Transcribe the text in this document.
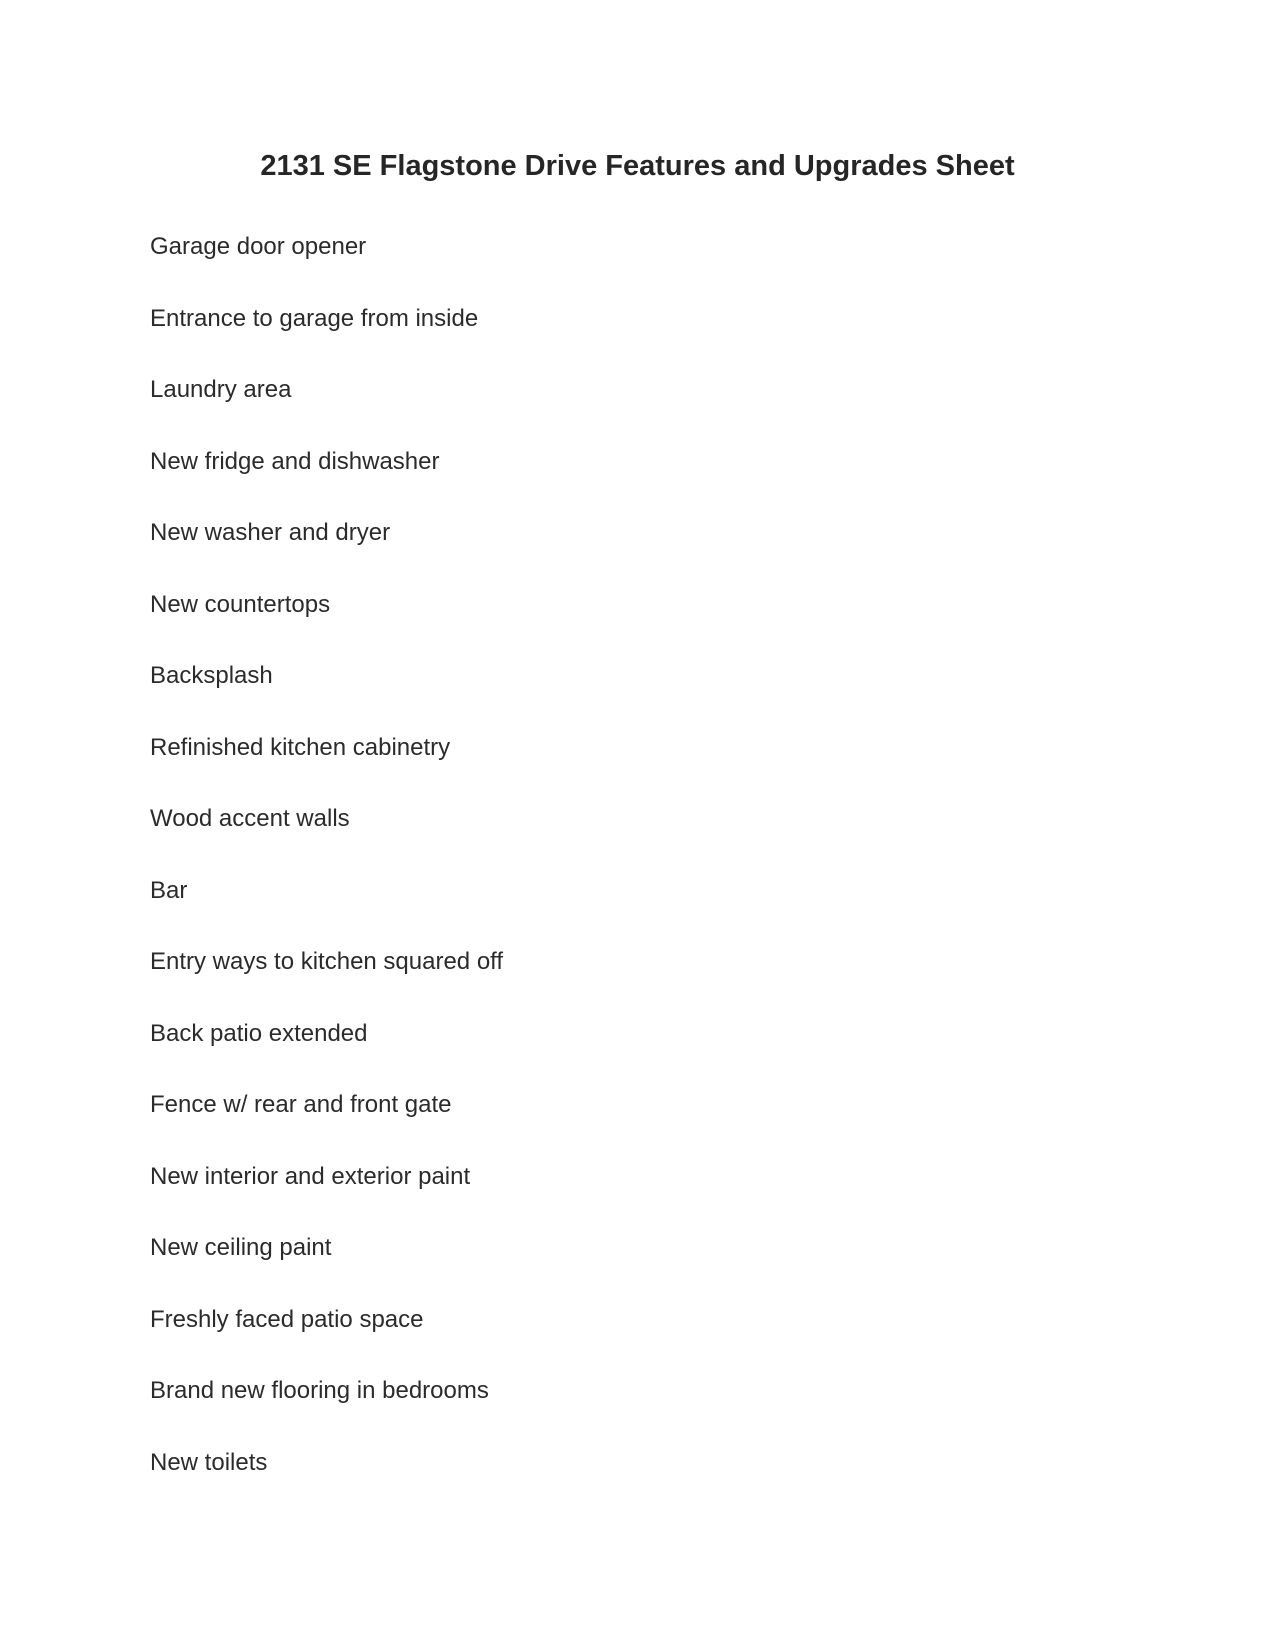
2131 SE Flagstone Drive Features and Upgrades Sheet
Garage door opener
Entrance to garage from inside
Laundry area
New fridge and dishwasher
New washer and dryer
New countertops
Backsplash
Refinished kitchen cabinetry
Wood accent walls
Bar
Entry ways to kitchen squared off
Back patio extended
Fence w/ rear and front gate
New interior and exterior paint
New ceiling paint
Freshly faced patio space
Brand new flooring in bedrooms
New toilets
